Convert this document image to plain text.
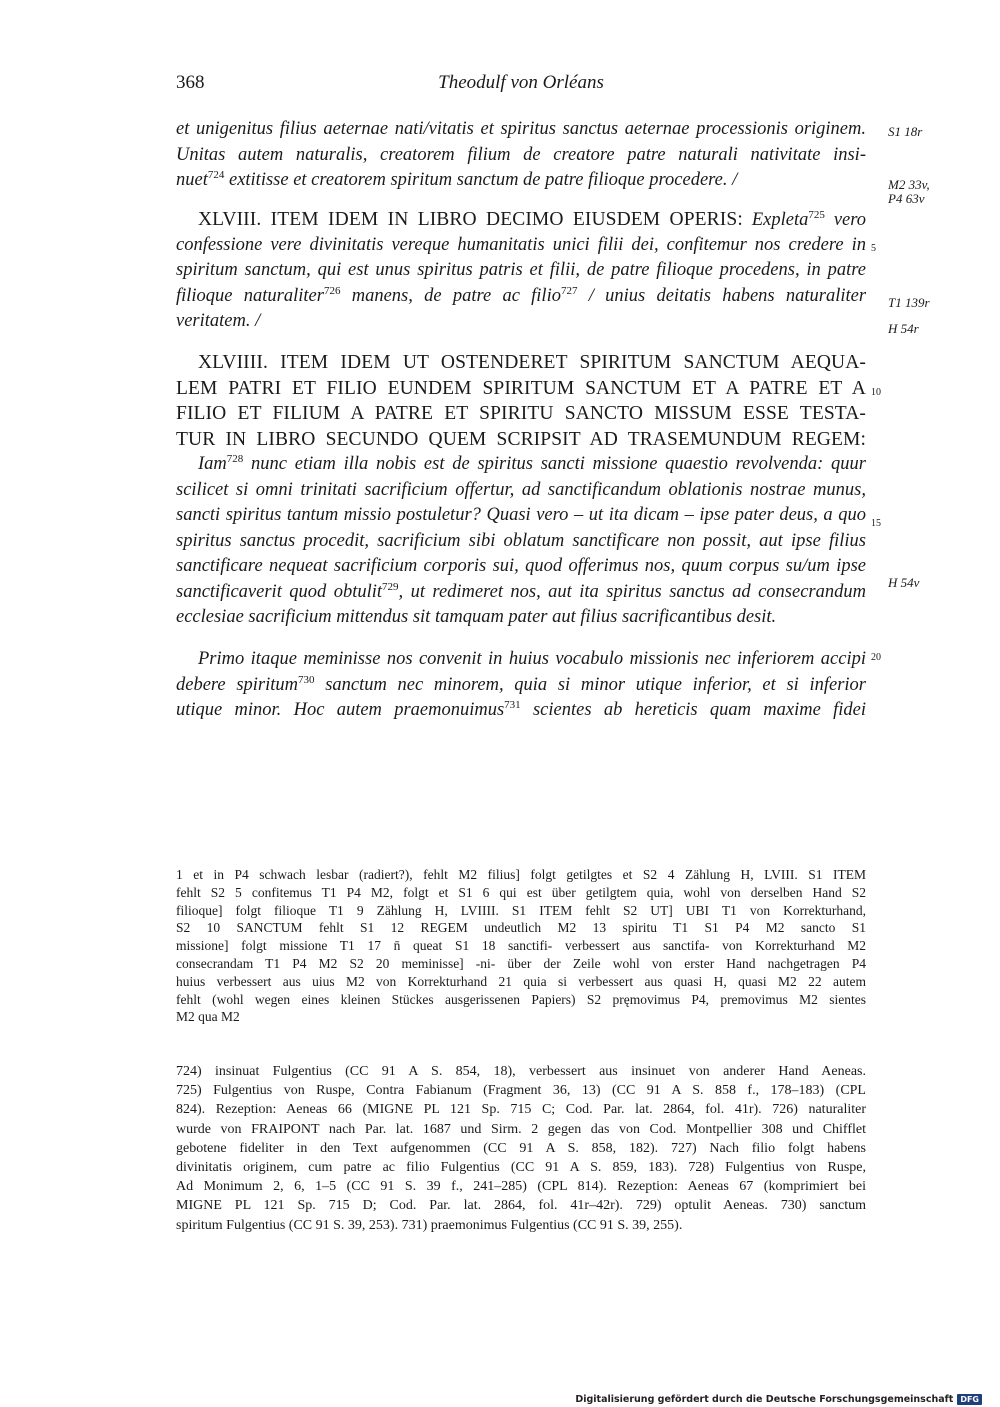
368	Theodulf von Orléans
et unigenitus filius aeternae nati/vitatis et spiritus sanctus aeternae processionis originem.
Unitas autem naturalis, creatorem filium de creatore patre naturali nativitate insi-
nuet$^{724}$ extitisse et creatorem spiritum sanctum de patre filioque procedere. /
XLVIII. ITEM IDEM IN LIBRO DECIMO EIUSDEM OPERIS: Expleta$^{725}$ vero
confessione vere divinitatis vereque humanitatis unici filii dei, confitemur nos credere in
spiritum sanctum, qui est unus spiritus patris et filii, de patre filioque procedens, in patre
filioque naturaliter$^{726}$ manens, de patre ac filio$^{727}$ / unius deitatis habens naturaliter
veritatem. /
XLVIIII. ITEM IDEM UT OSTENDERET SPIRITUM SANCTUM AEQUA-
LEM PATRI ET FILIO EUNDEM SPIRITUM SANCTUM ET A PATRE ET A
FILIO ET FILIUM A PATRE ET SPIRITU SANCTO MISSUM ESSE TESTA-
TUR IN LIBRO SECUNDO QUEM SCRIPSIT AD TRASEMUNDUM REGEM:
Iam$^{728}$ nunc etiam illa nobis est de spiritus sancti missione quaestio revolvenda: quur
scilicet si omni trinitati sacrificium offertur, ad sanctificandum oblationis nostrae munus,
sancti spiritus tantum missio postuletur? Quasi vero – ut ita dicam – ipse pater deus, a quo
spiritus sanctus procedit, sacrificium sibi oblatum sanctificare non possit, aut ipse filius
sanctificare nequeat sacrificium corporis sui, quod offerimus nos, quum corpus su/um ipse
sanctificaverit quod obtulit$^{729}$, ut redimeret nos, aut ita spiritus sanctus ad consecrandum
ecclesiae sacrificium mittendus sit tamquam pater aut filius sacrificantibus desit.
Primo itaque meminisse nos convenit in huius vocabulo missionis nec inferiorem accipi
debere spiritum$^{730}$ sanctum nec minorem, quia si minor utique inferior, et si inferior
utique minor. Hoc autem praemonuimus$^{731}$ scientes ab hereticis quam maxime fidei
S1 18r
M2 33v,
P4 63v
T1 139r
H 54r
H 54v
5
10
15
20
1 et in P4 schwach lesbar (radiert?), fehlt M2 filius] folgt getilgtes et S2 4 Zählung H, LVIII. S1 ITEM
fehlt S2 5 confitemus T1 P4 M2, folgt et S1 6 qui est über getilgtem quia, wohl von derselben Hand S2
filioque] folgt filioque T1 9 Zählung H, LVIIII. S1 ITEM fehlt S2 UT] UBI T1 von Korrekturhand,
S2 10 SANCTUM fehlt S1 12 REGEM undeutlich M2 13 spiritu T1 S1 P4 M2 sancto S1
missione] folgt missione T1 17 n̄ queat S1 18 sanctifi- verbessert aus sanctifa- von Korrekturhand M2
consecrandam T1 P4 M2 S2 20 meminisse] -ni- über der Zeile wohl von erster Hand nachgetragen P4
huius verbessert aus uius M2 von Korrekturhand 21 quia si verbessert aus quasi H, quasi M2 22 autem
fehlt (wohl wegen eines kleinen Stückes ausgerissenen Papiers) S2 pręmovimus P4, premovimus M2 sientes
M2 qua M2
724) insinuat Fulgentius (CC 91 A S. 854, 18), verbessert aus insinuet von anderer Hand Aeneas.
725) Fulgentius von Ruspe, Contra Fabianum (Fragment 36, 13) (CC 91 A S. 858 f., 178–183) (CPL
824). Rezeption: Aeneas 66 (MIGNE PL 121 Sp. 715 C; Cod. Par. lat. 2864, fol. 41r). 726) naturaliter
wurde von FRAIPONT nach Par. lat. 1687 und Sirm. 2 gegen das von Cod. Montpellier 308 und Chifflet
gebotene fideliter in den Text aufgenommen (CC 91 A S. 858, 182). 727) Nach filio folgt habens
divinitatis originem, cum patre ac filio Fulgentius (CC 91 A S. 859, 183). 728) Fulgentius von Ruspe,
Ad Monimum 2, 6, 1–5 (CC 91 S. 39 f., 241–285) (CPL 814). Rezeption: Aeneas 67 (komprimiert bei
MIGNE PL 121 Sp. 715 D; Cod. Par. lat. 2864, fol. 41r–42r). 729) optulit Aeneas. 730) sanctum
spiritum Fulgentius (CC 91 S. 39, 253). 731) praemonimus Fulgentius (CC 91 S. 39, 255).
Digitalisierung gefördert durch die Deutsche Forschungsgemeinschaft DFG
